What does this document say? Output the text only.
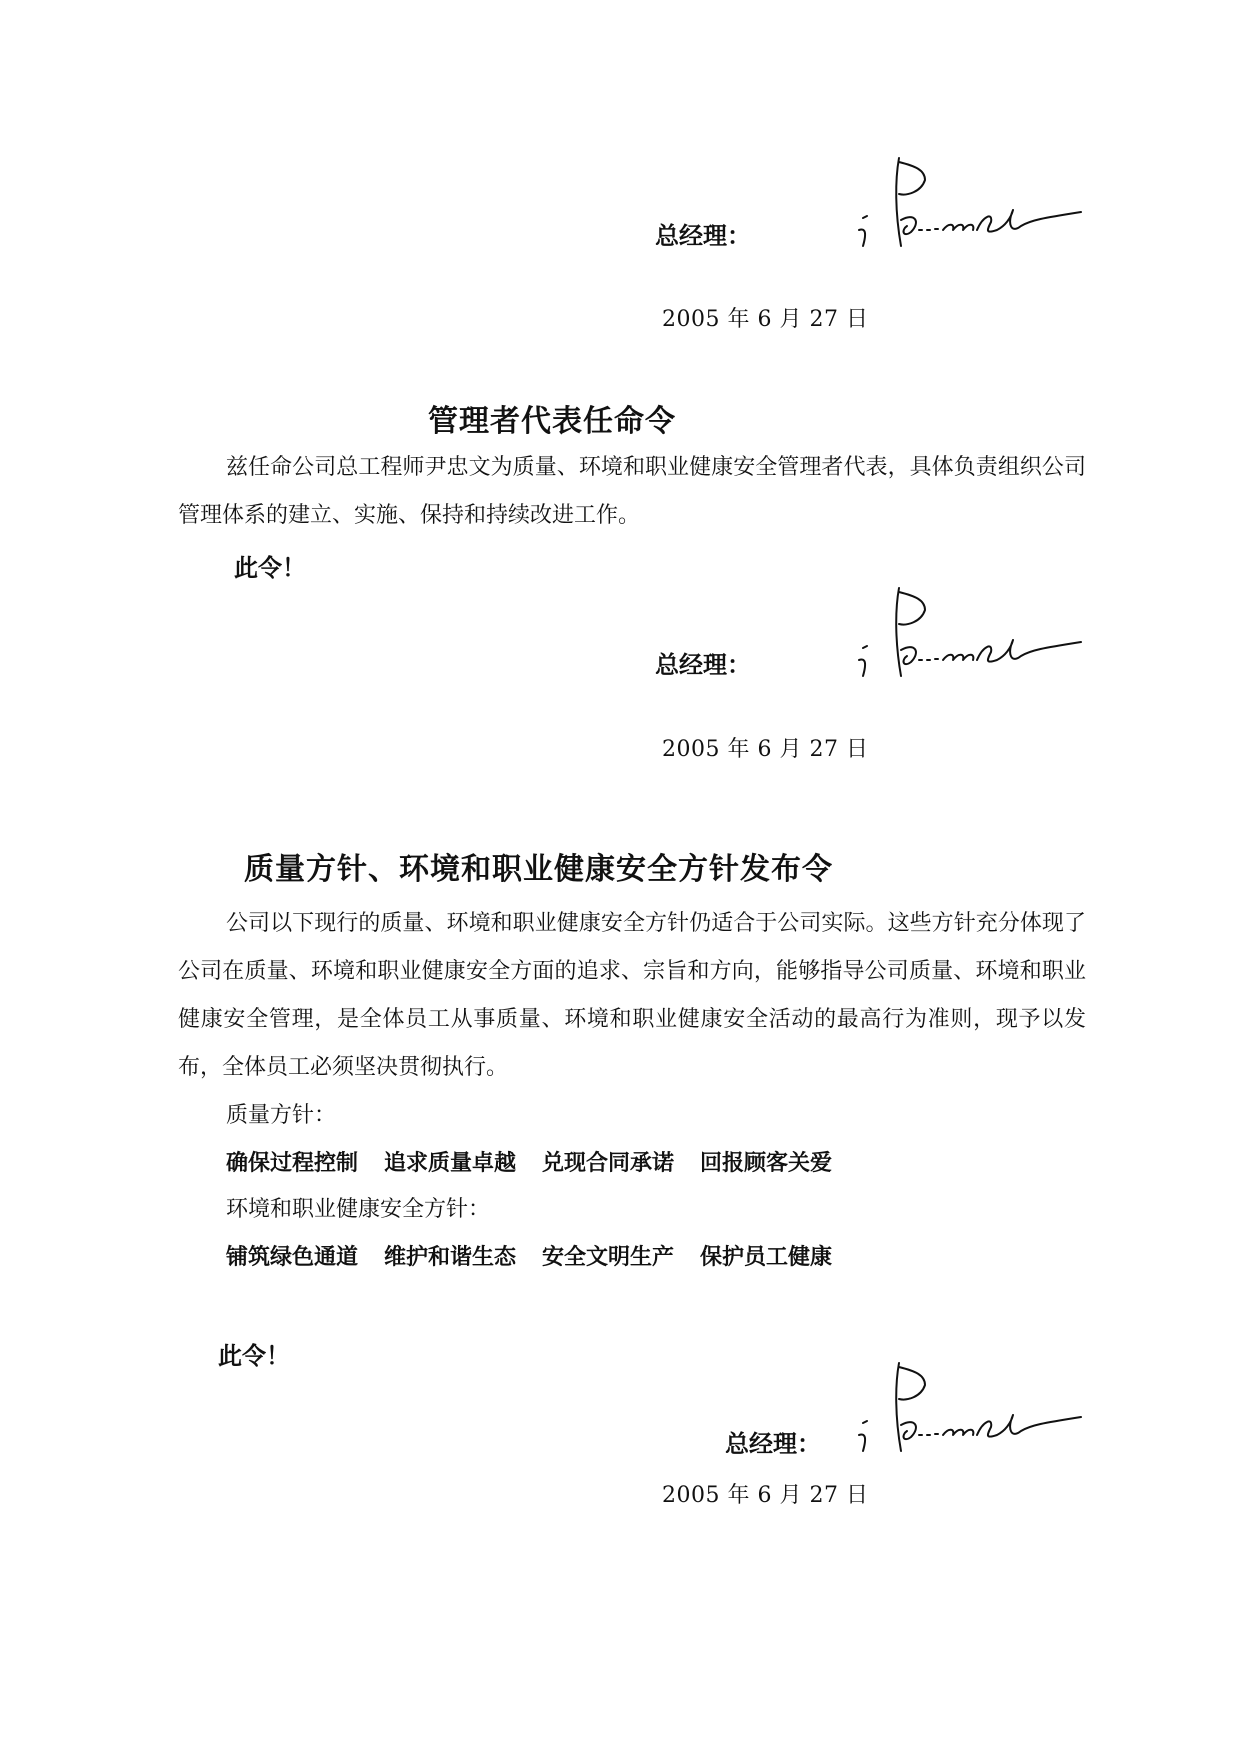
总经理：
2005 年 6 月 27 日
管理者代表任命令
兹任命公司总工程师尹忠文为质量、环境和职业健康安全管理者代表，具体负责组织公司管理体系的建立、实施、保持和持续改进工作。
此令！
总经理：
2005 年 6 月 27 日
质量方针、环境和职业健康安全方针发布令
公司以下现行的质量、环境和职业健康安全方针仍适合于公司实际。这些方针充分体现了公司在质量、环境和职业健康安全方面的追求、宗旨和方向，能够指导公司质量、环境和职业健康安全管理，是全体员工从事质量、环境和职业健康安全活动的最高行为准则，现予以发布，全体员工必须坚决贯彻执行。
质量方针：
确保过程控制 追求质量卓越 兑现合同承诺 回报顾客关爱
环境和职业健康安全方针：
铺筑绿色通道 维护和谐生态 安全文明生产 保护员工健康
此令！
总经理：
2005 年 6 月 27 日
